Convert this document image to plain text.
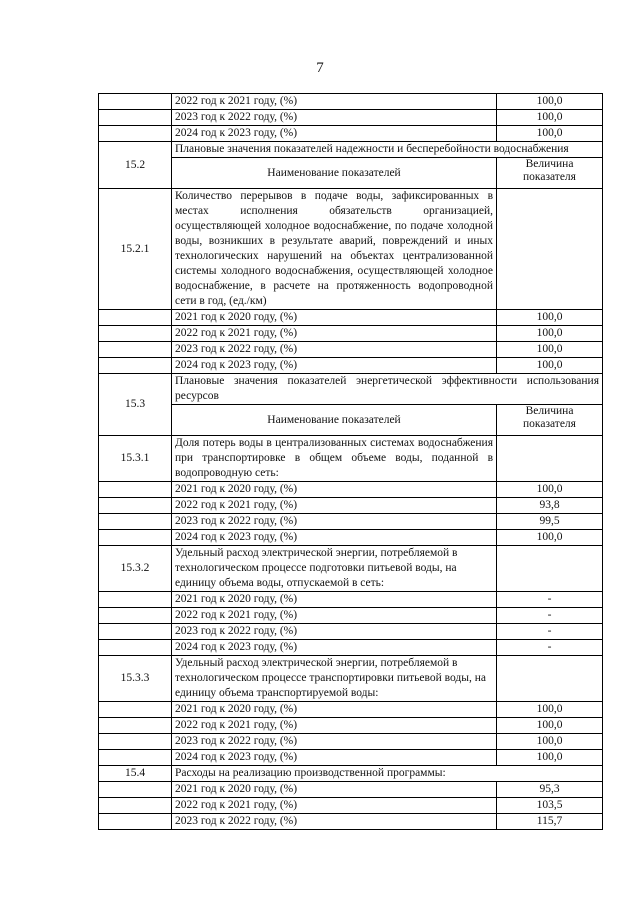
7
	2022 год к 2021 году, (%)	100,0
	2023 год к 2022 году, (%)	100,0
	2024 год к 2023 году, (%)	100,0
15.2	Плановые значения показателей надежности и бесперебойности водоснабжения	
	Наименование показателей	Величина показателя
15.2.1	Количество перерывов в подаче воды, зафиксированных в местах исполнения обязательств организацией, осуществляющей холодное водоснабжение, по подаче холодной воды, возникших в результате аварий, повреждений и иных технологических нарушений на объектах централизованной системы холодного водоснабжения, осуществляющей холодное водоснабжение, в расчете на протяженность водопроводной сети в год, (ед./км)	
	2021 год к 2020 году, (%)	100,0
	2022 год к 2021 году, (%)	100,0
	2023 год к 2022 году, (%)	100,0
	2024 год к 2023 году, (%)	100,0
15.3	Плановые значения показателей энергетической эффективности использования ресурсов	
	Наименование показателей	Величина показателя
15.3.1	Доля потерь воды в централизованных системах водоснабжения при транспортировке в общем объеме воды, поданной в водопроводную сеть:	
	2021 год к 2020 году, (%)	100,0
	2022 год к 2021 году, (%)	93,8
	2023 год к 2022 году, (%)	99,5
	2024 год к 2023 году, (%)	100,0
15.3.2	Удельный расход электрической энергии, потребляемой в технологическом процессе подготовки питьевой воды, на единицу объема воды, отпускаемой в сеть:	
	2021 год к 2020 году, (%)	-
	2022 год к 2021 году, (%)	-
	2023 год к 2022 году, (%)	-
	2024 год к 2023 году, (%)	-
15.3.3	Удельный расход электрической энергии, потребляемой в технологическом процессе транспортировки питьевой воды, на единицу объема транспортируемой воды:	
	2021 год к 2020 году, (%)	100,0
	2022 год к 2021 году, (%)	100,0
	2023 год к 2022 году, (%)	100,0
	2024 год к 2023 году, (%)	100,0
15.4	Расходы на реализацию производственной программы:	
	2021 год к 2020 году, (%)	95,3
	2022 год к 2021 году, (%)	103,5
	2023 год к 2022 году, (%)	115,7
